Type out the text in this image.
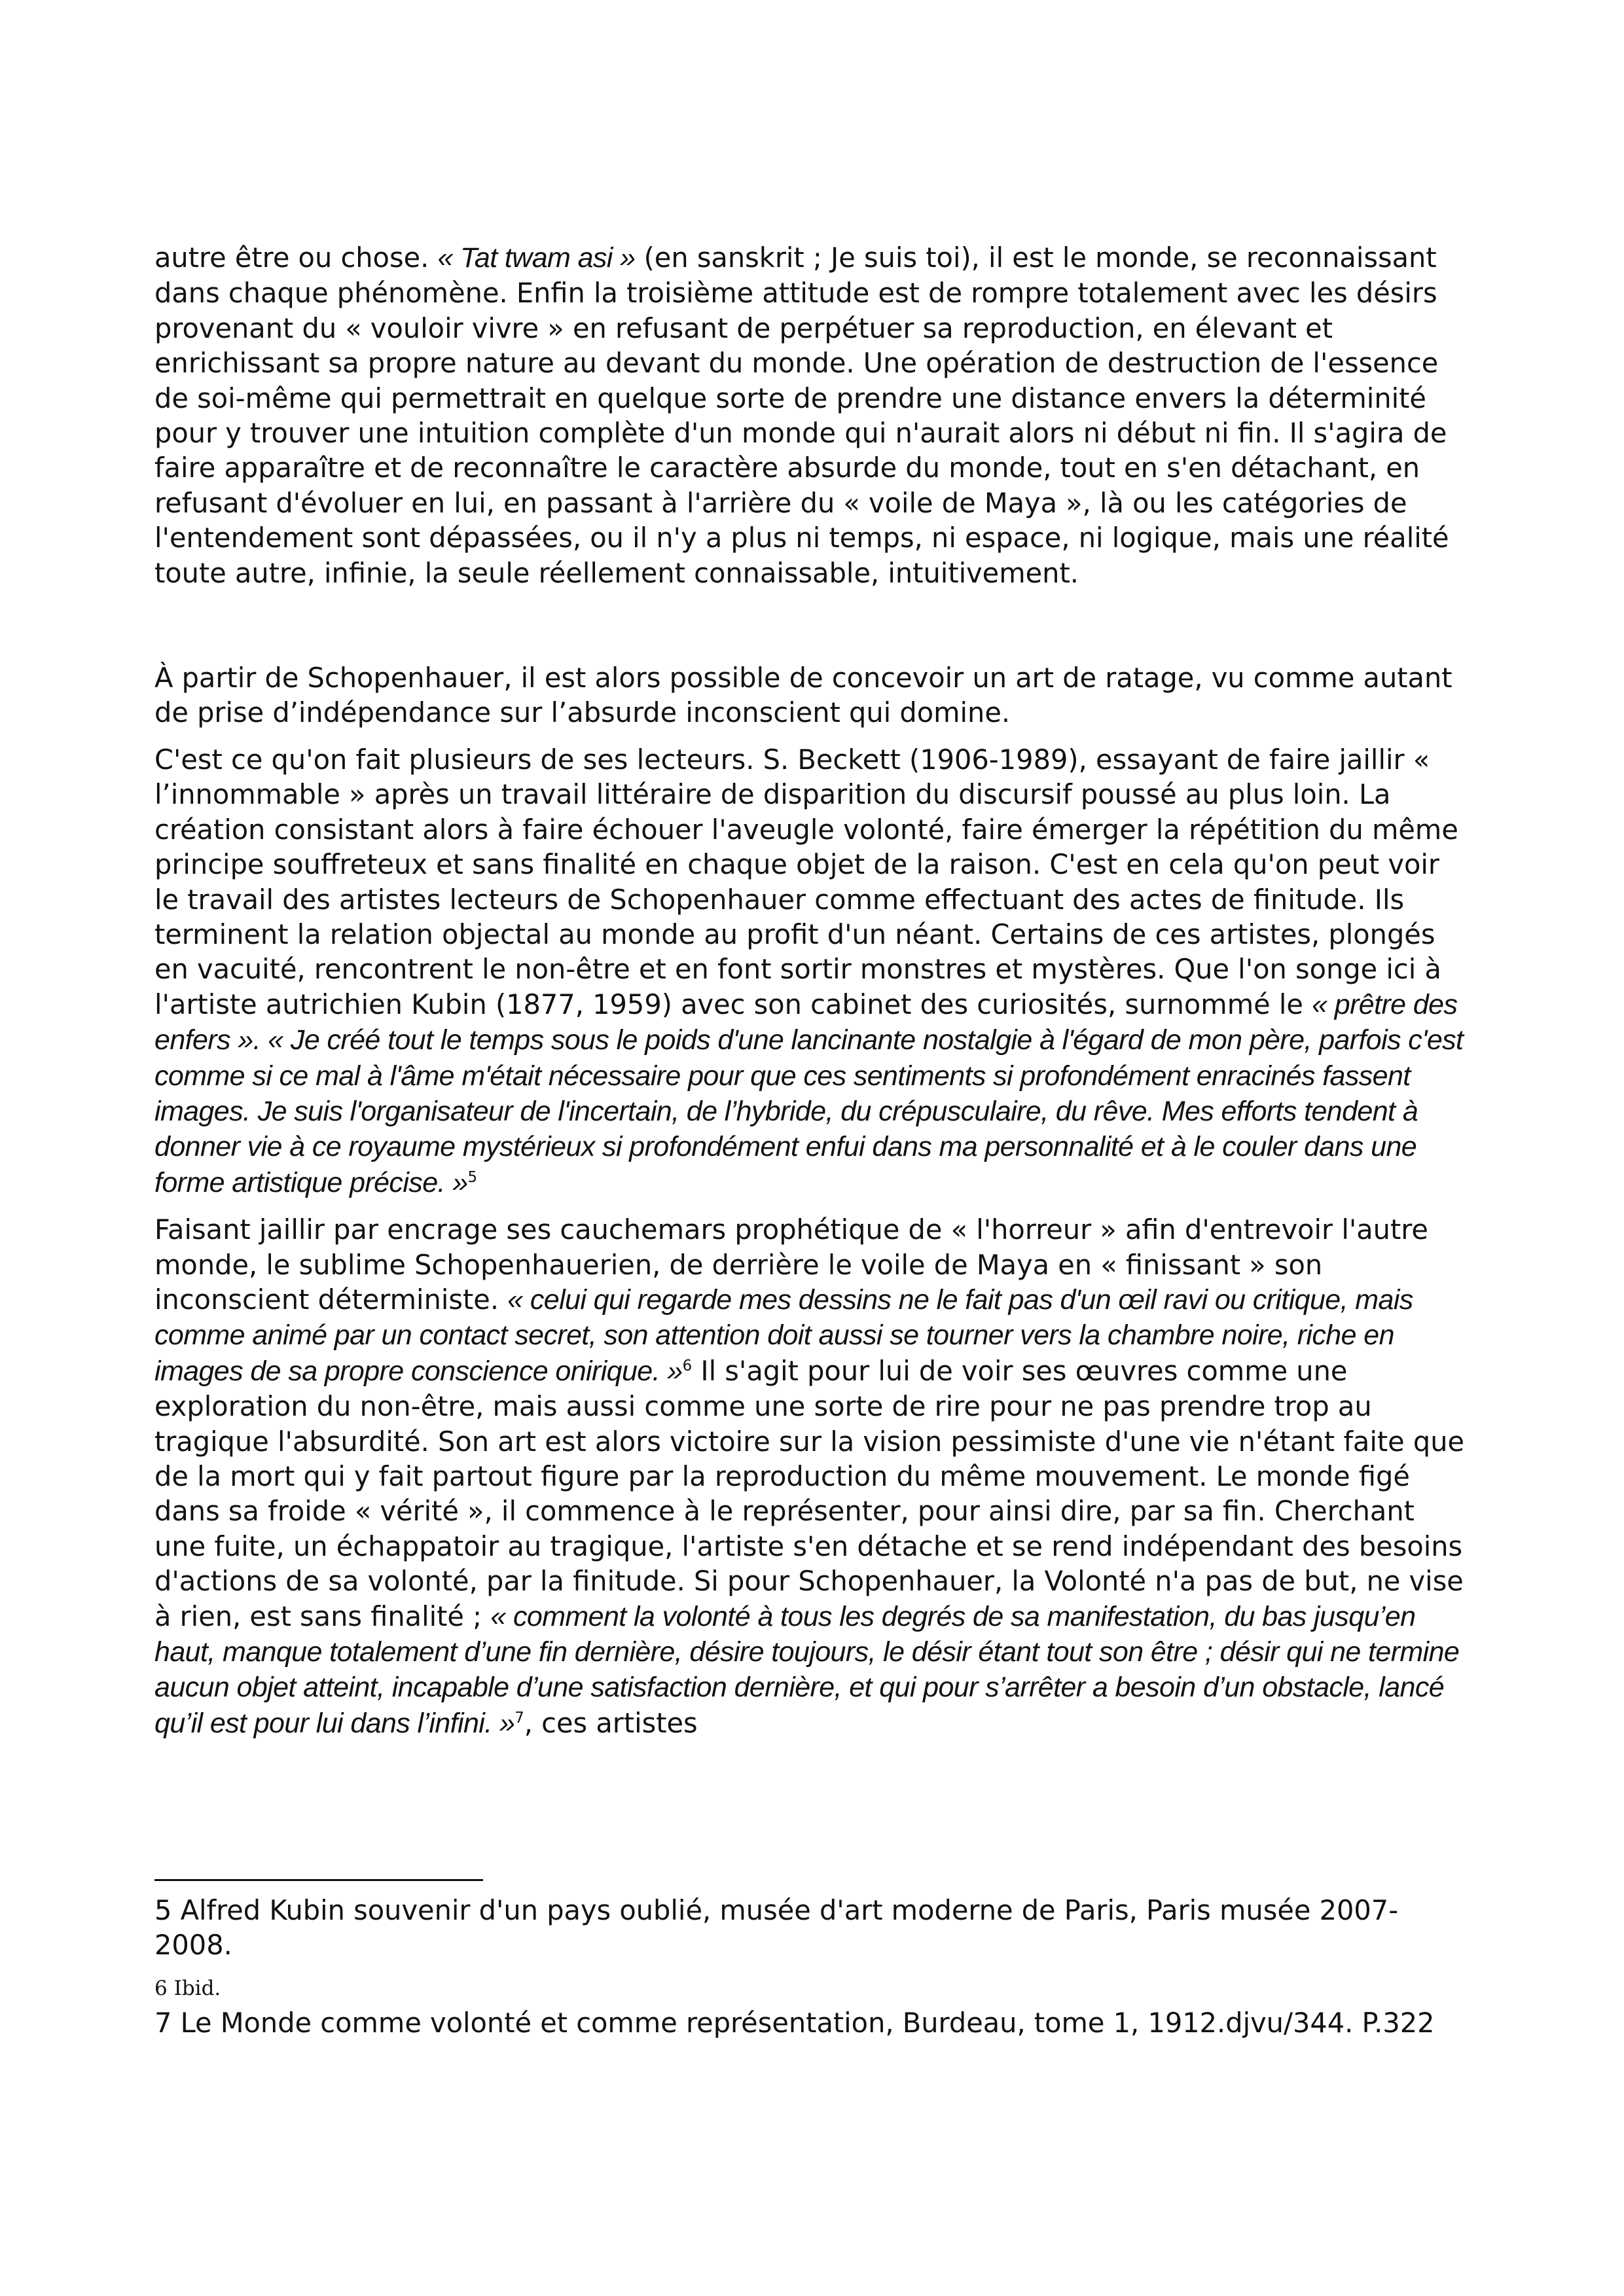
autre être ou chose. « Tat twam asi » (en sanskrit ; Je suis toi), il est le monde, se reconnaissant dans chaque phénomène. Enfin la troisième attitude est de rompre totalement avec les désirs provenant du « vouloir vivre » en refusant de perpétuer sa reproduction, en élevant et enrichissant sa propre nature au devant du monde. Une opération de destruction de l'essence de soi-même qui permettrait en quelque sorte de prendre une distance envers la déterminité pour y trouver une intuition complète d'un monde qui n'aurait alors ni début ni fin. Il s'agira de faire apparaître et de reconnaître le caractère absurde du monde, tout en s'en détachant, en refusant d'évoluer en lui, en passant à l'arrière du « voile de Maya », là ou les catégories de l'entendement sont dépassées, ou il n'y a plus ni temps, ni espace, ni logique, mais une réalité toute autre, infinie, la seule réellement connaissable, intuitivement.

À partir de Schopenhauer, il est alors possible de concevoir un art de ratage, vu comme autant de prise d’indépendance sur l’absurde inconscient qui domine.

C'est ce qu'on fait plusieurs de ses lecteurs. S. Beckett (1906-1989), essayant de faire jaillir « l’innommable » après un travail littéraire de disparition du discursif poussé au plus loin. La création consistant alors à faire échouer l'aveugle volonté, faire émerger la répétition du même principe souffreteux et sans finalité en chaque objet de la raison. C'est en cela qu'on peut voir le travail des artistes lecteurs de Schopenhauer comme effectuant des actes de finitude. Ils terminent la relation objectal au monde au profit d'un néant. Certains de ces artistes, plongés en vacuité, rencontrent le non-être et en font sortir monstres et mystères. Que l'on songe ici à l'artiste autrichien Kubin (1877, 1959) avec son cabinet des curiosités, surnommé le « prêtre des enfers ». « Je créé tout le temps sous le poids d'une lancinante nostalgie à l'égard de mon père, parfois c'est comme si ce mal à l'âme m'était nécessaire pour que ces sentiments si profondément enracinés fassent images. Je suis l'organisateur de l'incertain, de l’hybride, du crépusculaire, du rêve. Mes efforts tendent à donner vie à ce royaume mystérieux si profondément enfui dans ma personnalité et à le couler dans une forme artistique précise. »$^5$

Faisant jaillir par encrage ses cauchemars prophétique de « l'horreur » afin d'entrevoir l'autre monde, le sublime Schopenhauerien, de derrière le voile de Maya en « finissant » son inconscient déterministe. « celui qui regarde mes dessins ne le fait pas d'un œil ravi ou critique, mais comme animé par un contact secret, son attention doit aussi se tourner vers la chambre noire, riche en images de sa propre conscience onirique. »$^6$ Il s'agit pour lui de voir ses œuvres comme une exploration du non-être, mais aussi comme une sorte de rire pour ne pas prendre trop au tragique l'absurdité. Son art est alors victoire sur la vision pessimiste d'une vie n'étant faite que de la mort qui y fait partout figure par la reproduction du même mouvement. Le monde figé dans sa froide « vérité », il commence à le représenter, pour ainsi dire, par sa fin. Cherchant une fuite, un échappatoir au tragique, l'artiste s'en détache et se rend indépendant des besoins d'actions de sa volonté, par la finitude. Si pour Schopenhauer, la Volonté n'a pas de but, ne vise à rien, est sans finalité ; « comment la volonté à tous les degrés de sa manifestation, du bas jusqu’en haut, manque totalement d’une fin dernière, désire toujours, le désir étant tout son être ; désir qui ne termine aucun objet atteint, incapable d’une satisfaction dernière, et qui pour s’arrêter a besoin d’un obstacle, lancé qu’il est pour lui dans l’infini. »$^7$, ces artistes

5 Alfred Kubin souvenir d'un pays oublié, musée d'art moderne de Paris, Paris musée 2007-2008.

6 Ibid.

7 Le Monde comme volonté et comme représentation, Burdeau, tome 1, 1912.djvu/344. P.322
